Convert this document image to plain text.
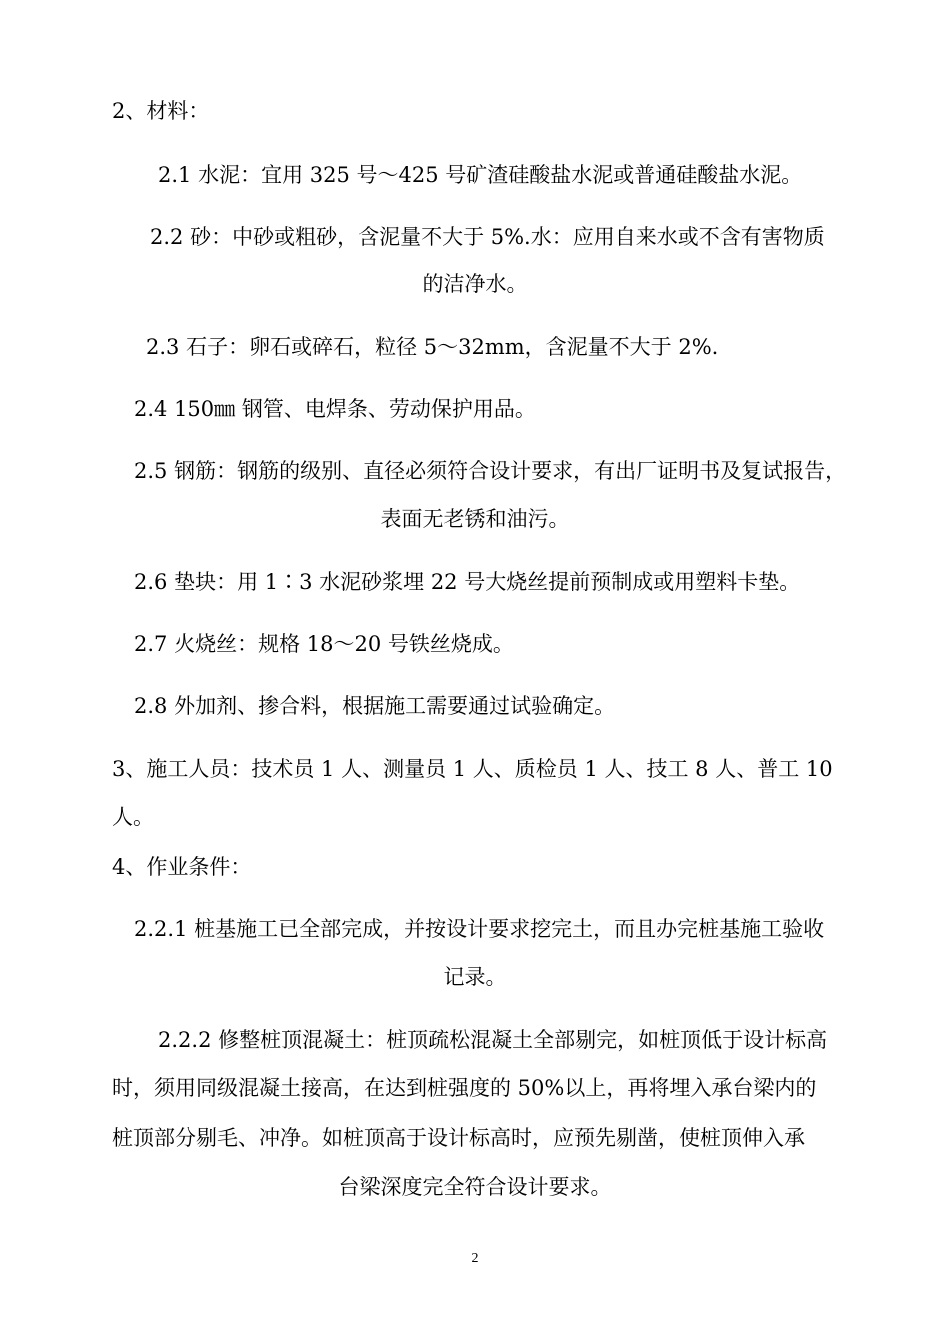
2、材料：
2.1 水泥：宜用 325 号～425 号矿渣硅酸盐水泥或普通硅酸盐水泥。
2.2 砂：中砂或粗砂，含泥量不大于 5%.水：应用自来水或不含有害物质
的洁净水。
2.3 石子：卵石或碎石，粒径 5～32mm，含泥量不大于 2%.
2.4 150㎜ 钢管、电焊条、劳动保护用品。
2.5 钢筋：钢筋的级别、直径必须符合设计要求，有出厂证明书及复试报告，
表面无老锈和油污。
2.6 垫块：用 1∶3 水泥砂浆埋 22 号大烧丝提前预制成或用塑料卡垫。
2.7 火烧丝：规格 18～20 号铁丝烧成。
2.8 外加剂、掺合料，根据施工需要通过试验确定。
3、施工人员：技术员 1 人、测量员 1 人、质检员 1 人、技工 8 人、普工 10
人。
4、作业条件：
2.2.1 桩基施工已全部完成，并按设计要求挖完土，而且办完桩基施工验收
记录。
2.2.2 修整桩顶混凝土：桩顶疏松混凝土全部剔完，如桩顶低于设计标高
时，须用同级混凝土接高，在达到桩强度的 50%以上，再将埋入承台梁内的
桩顶部分剔毛、冲净。如桩顶高于设计标高时，应预先剔凿，使桩顶伸入承
台梁深度完全符合设计要求。
2
